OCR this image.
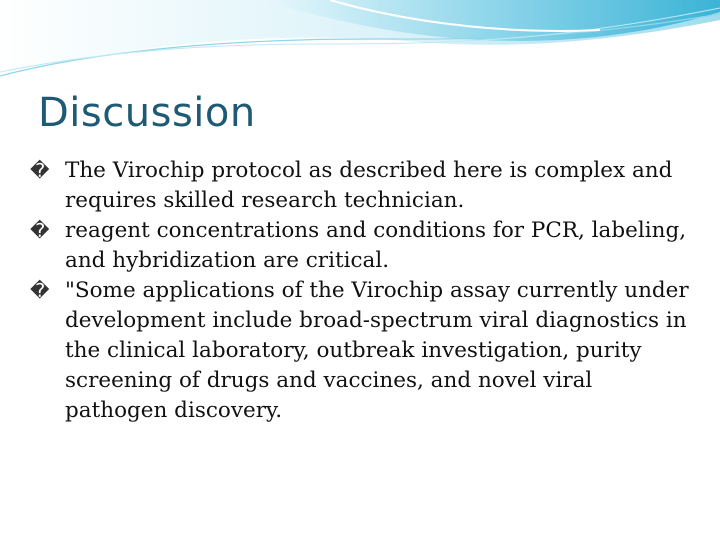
Discussion

� The Virochip protocol as described here is complex and requires skilled research technician.

� reagent concentrations and conditions for PCR, labeling, and hybridization are critical.

� "Some applications of the Virochip assay currently under development include broad-spectrum viral diagnostics in the clinical laboratory, outbreak investigation, purity screening of drugs and vaccines, and novel viral pathogen discovery.
